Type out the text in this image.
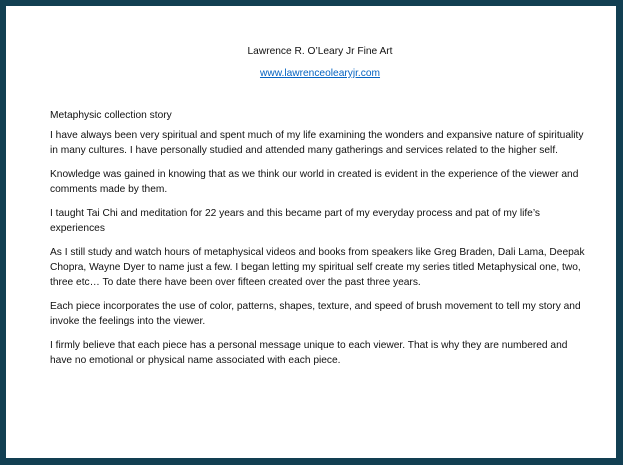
Lawrence R. O’Leary Jr Fine Art
www.lawrenceolearyjr.com
Metaphysic collection story
I have always been very spiritual and spent much of my life examining the wonders and expansive nature of spirituality in many cultures. I have personally studied and attended many gatherings and services related to the higher self.
Knowledge was gained in knowing that as we think our world in created is evident in the experience of the viewer and comments made by them.
I taught Tai Chi and meditation for 22 years and this became part of my everyday process and pat of my life’s experiences
As I still study and watch hours of metaphysical videos and books from speakers like Greg Braden, Dali Lama, Deepak Chopra, Wayne Dyer to name just a few. I began letting my spiritual self create my series titled Metaphysical one, two, three etc… To date there have been over fifteen created over the past three years.
Each piece incorporates the use of color, patterns, shapes, texture, and speed of brush movement to tell my story and invoke the feelings into the viewer.
I firmly believe that each piece has a personal message unique to each viewer. That is why they are numbered and have no emotional or physical name associated with each piece.
